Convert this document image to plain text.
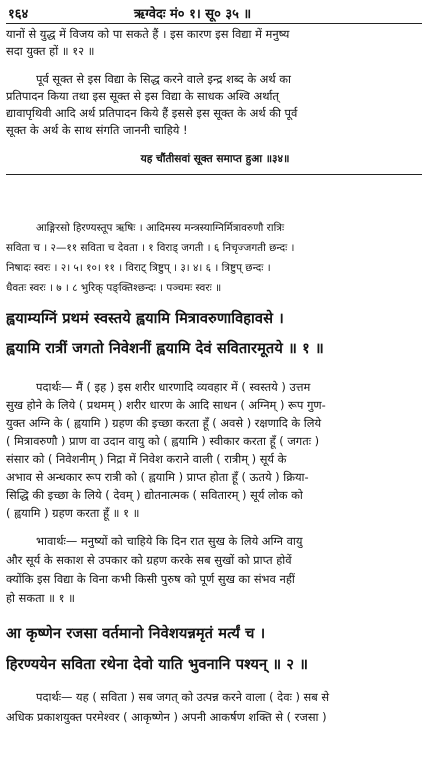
१६४	ऋग्वेदः मं० १। सू० ३५ ॥
यानों से युद्ध में विजय को पा सकते हैं । इस कारण इस विद्या में मनुष्य
सदा युक्त हों ॥ १२ ॥
पूर्व सूक्त से इस विद्या के सिद्ध करने वाले इन्द्र शब्द के अर्थ का
प्रतिपादन किया तथा इस सूक्त से इस विद्या के साधक अश्वि अर्थात्
द्यावापृथिवी आदि अर्थ प्रतिपादन किये हैं इससे इस सूक्त के अर्थ की पूर्व
सूक्त के अर्थ के साथ संगति जाननी चाहिये !
यह चौंतीसवां सूक्त समाप्त हुआ ॥३४॥
आङ्गिरसो हिरण्यस्तूप ऋषिः । आदिमस्य मन्त्रस्याग्निर्मित्रावरुणौ रात्रिः
सविता च । २—११ सविता च देवता । १ विराड् जगती । ६ निचृज्जगती छन्दः ।
निषादः स्वरः । २। ५। १०। ११ । विराट् त्रिष्टुप् । ३। ४। ६ । त्रिष्टुप् छन्दः ।
धैवतः स्वरः । ७ । ८ भुरिक् पङ्क्तिश्छन्दः । पञ्चमः स्वरः ॥
ह्वयाम्यग्निं प्रथमं स्वस्तये ह्वयामि मित्रावरुणाविहावसे ।
ह्वयामि रात्रीं जगतो निवेशनीं ह्वयामि देवं सवितारमूतये ॥ १ ॥
पदार्थः— मैं ( इह ) इस शरीर धारणादि व्यवहार में ( स्वस्तये ) उत्तम
सुख होने के लिये ( प्रथमम् ) शरीर धारण के आदि साधन ( अग्निम् ) रूप गुण-
युक्त अग्नि के ( ह्वयामि ) ग्रहण की इच्छा करता हूँ ( अवसे ) रक्षणादि के लिये
( मित्रावरुणौ ) प्राण वा उदान वायु को ( ह्वयामि ) स्वीकार करता हूँ ( जगतः )
संसार को ( निवेशनीम् ) निद्रा में निवेश कराने वाली ( रात्रीम् ) सूर्य के
अभाव से अन्धकार रूप रात्री को ( ह्वयामि ) प्राप्त होता हूँ ( ऊतये ) क्रिया-
सिद्धि की इच्छा के लिये ( देवम् ) द्योतनात्मक ( सवितारम् ) सूर्य लोक को
( ह्वयामि ) ग्रहण करता हूँ ॥ १ ॥
भावार्थः— मनुष्यों को चाहिये कि दिन रात सुख के लिये अग्नि वायु
और सूर्य के सकाश से उपकार को ग्रहण करके सब सुखों को प्राप्त होवें
क्योंकि इस विद्या के विना कभी किसी पुरुष को पूर्ण सुख का संभव नहीं
हो सकता ॥ १ ॥
आ कृष्णेन रजसा वर्तमानो निवेशयन्नमृतं मर्त्यं च ।
हिरण्ययेन सविता रथेना देवो याति भुवनानि पश्यन् ॥ २ ॥
पदार्थः— यह ( सविता ) सब जगत् को उत्पन्न करने वाला ( देवः ) सब से
अधिक प्रकाशयुक्त परमेश्वर ( आकृष्णेन ) अपनी आकर्षण शक्ति से ( रजसा )
